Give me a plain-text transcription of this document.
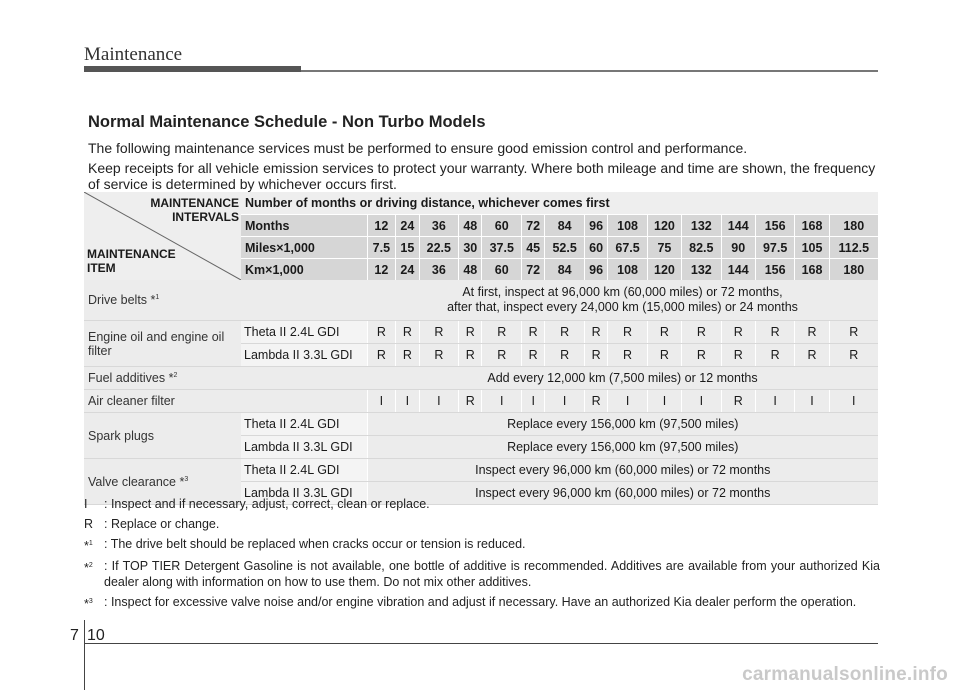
Maintenance
Normal Maintenance Schedule - Non Turbo Models

The following maintenance services must be performed to ensure good emission control and performance.

Keep receipts for all vehicle emission services to protect your warranty. Where both mileage and time are shown, the frequency of service is determined by whichever occurs first.

MAINTENANCE INTERVALS
MAINTENANCE ITEM	Number of months or driving distance, whichever comes first															
	Months	12	24	36	48	60	72	84	96	108	120	132	144	156	168	180
	Miles×1,000	7.5	15	22.5	30	37.5	45	52.5	60	67.5	75	82.5	90	97.5	105	112.5
	Km×1,000	12	24	36	48	60	72	84	96	108	120	132	144	156	168	180
Drive belts *$^1$		At first, inspect at 96,000 km (60,000 miles) or 72 months,
after that, inspect every 24,000 km (15,000 miles) or 24 months														

Engine oil and engine oil filter	Theta II 2.4L GDI	R	R	R	R	R	R	R	R	R	R	R	R	R	R	R
	Lambda II 3.3L GDI	R	R	R	R	R	R	R	R	R	R	R	R	R	R	R
Fuel additives *$^2$		Add every 12,000 km (7,500 miles) or 12 months														
Air cleaner filter		I	I	I	R	I	I	I	R	I	I	I	R	I	I	I
Spark plugs	Theta II 2.4L GDI	Replace every 156,000 km (97,500 miles)														
	Lambda II 3.3L GDI	Replace every 156,000 km (97,500 miles)														
Valve clearance *$^3$	Theta II 2.4L GDI	Inspect every 96,000 km (60,000 miles) or 72 months														
	Lambda II 3.3L GDI	Inspect every 96,000 km (60,000 miles) or 72 months														
I	: Inspect and if necessary, adjust, correct, clean or replace.
R : Replace or change.
*$^1$ : The drive belt should be replaced when cracks occur or tension is reduced.
*$^2$ : If TOP TIER Detergent Gasoline is not available, one bottle of additive is recommended. Additives are available from your authorized Kia dealer along with information on how to use them. Do not mix other additives.
*$^3$ : Inspect for excessive valve noise and/or engine vibration and adjust if necessary. Have an authorized Kia dealer perform the operation.
7 10
carmanualsonline.info
